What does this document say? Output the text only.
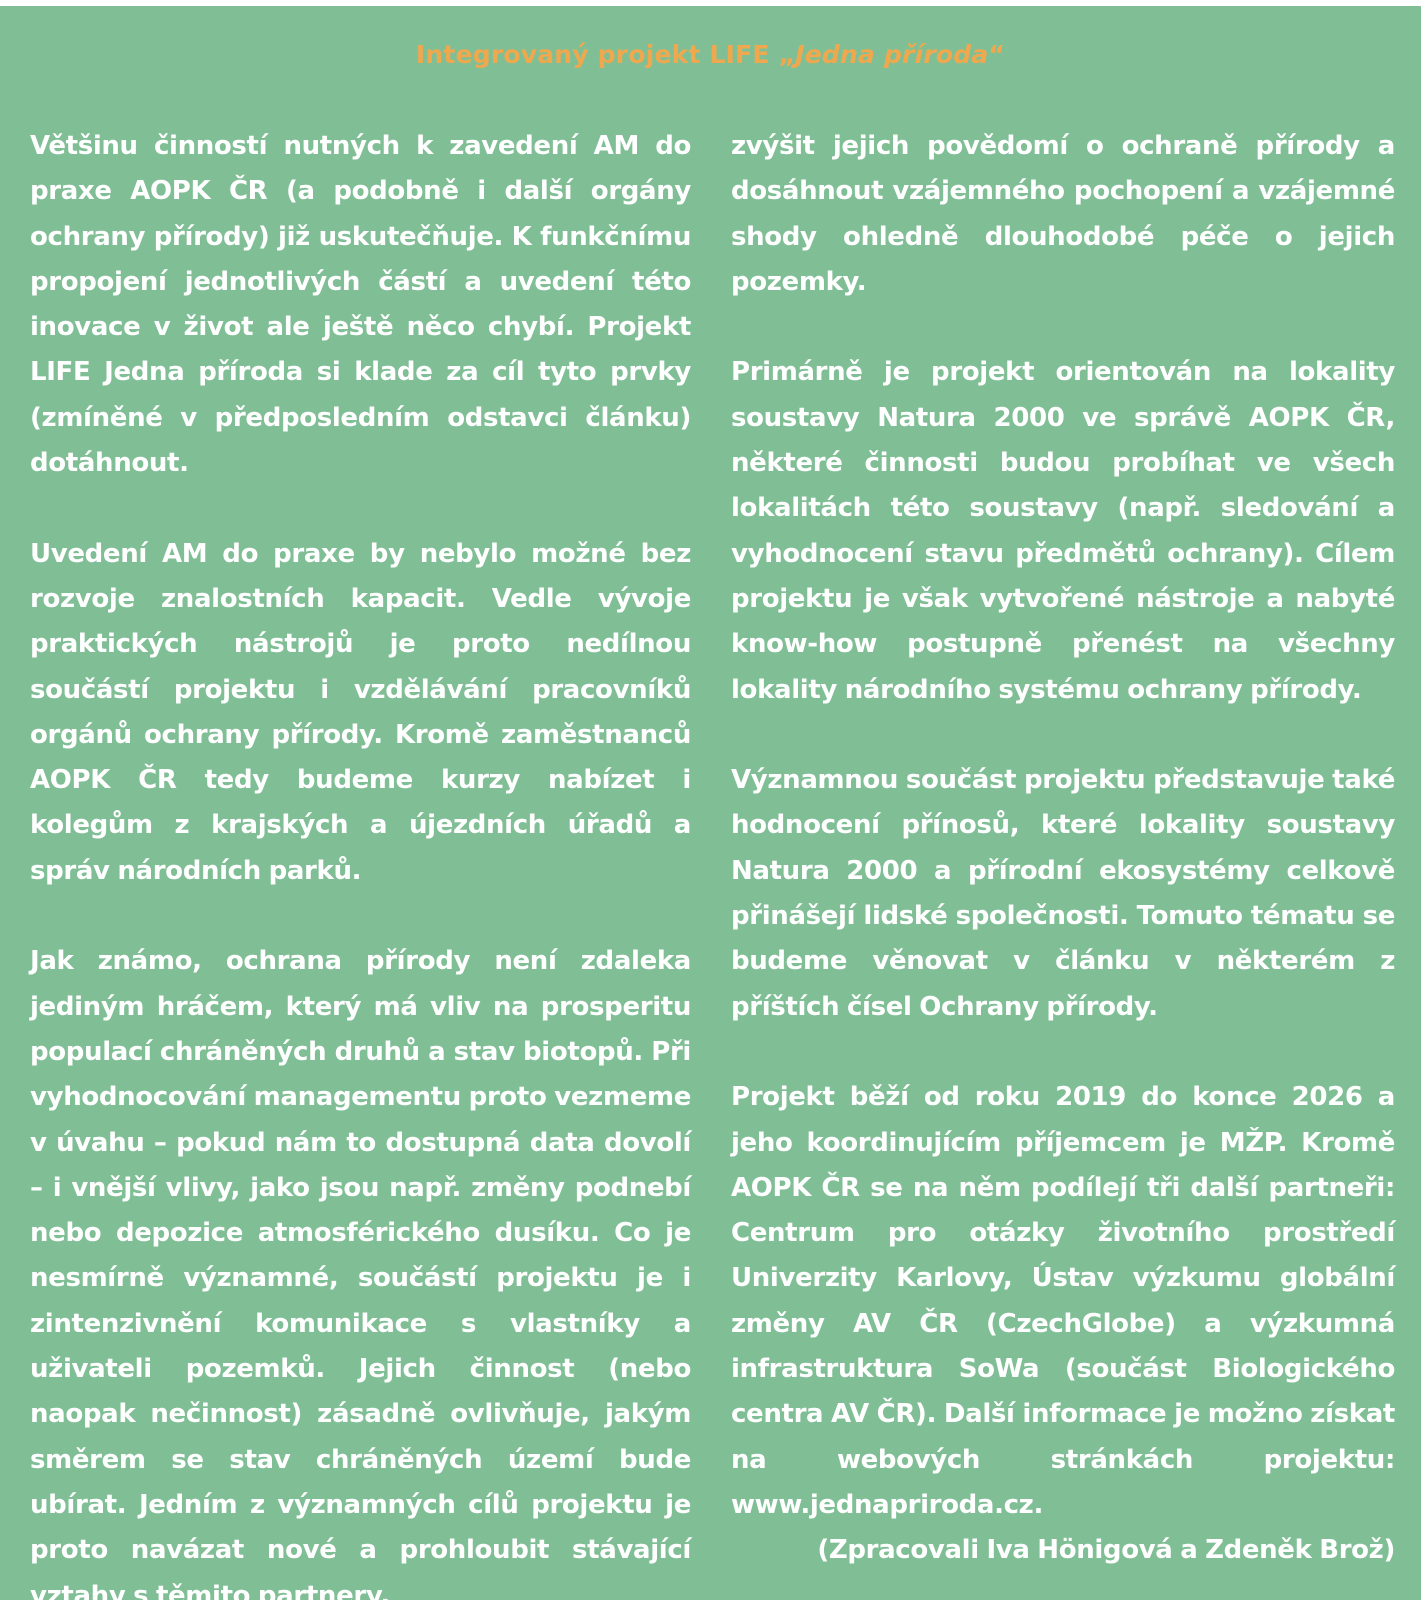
Integrovaný projekt LIFE „Jedna příroda“

Většinu činností nutných k zavedení AM do praxe AOPK ČR (a podobně i další orgány ochrany přírody) již uskutečňuje. K funkčnímu propojení jednotlivých částí a uvedení této inovace v život ale ještě něco chybí. Projekt LIFE Jedna příroda si klade za cíl tyto prvky (zmíněné v předposledním odstavci článku) dotáhnout.

Uvedení AM do praxe by nebylo možné bez rozvoje znalostních kapacit. Vedle vývoje praktických nástrojů je proto nedílnou součástí projektu i vzdělávání pracovníků orgánů ochrany přírody. Kromě zaměstnanců AOPK ČR tedy budeme kurzy nabízet i kolegům z krajských a újezdních úřadů a správ národních parků.

Jak známo, ochrana přírody není zdaleka jediným hráčem, který má vliv na prosperitu populací chráněných druhů a stav biotopů. Při vyhodnocování managementu proto vezmeme v úvahu – pokud nám to dostupná data dovolí – i vnější vlivy, jako jsou např. změny podnebí nebo depozice atmosférického dusíku. Co je nesmírně významné, součástí projektu je i zintenzivnění komunikace s vlastníky a uživateli pozemků. Jejich činnost (nebo naopak nečinnost) zásadně ovlivňuje, jakým směrem se stav chráněných území bude ubírat. Jedním z významných cílů projektu je proto navázat nové a prohloubit stávající vztahy s těmito partnery,

zvýšit jejich povědomí o ochraně přírody a dosáhnout vzájemného pochopení a vzájemné shody ohledně dlouhodobé péče o jejich pozemky.

Primárně je projekt orientován na lokality soustavy Natura 2000 ve správě AOPK ČR, některé činnosti budou probíhat ve všech lokalitách této soustavy (např. sledování a vyhodnocení stavu předmětů ochrany). Cílem projektu je však vytvořené nástroje a nabyté know-how postupně přenést na všechny lokality národního systému ochrany přírody.

Významnou součást projektu představuje také hodnocení přínosů, které lokality soustavy Natura 2000 a přírodní ekosystémy celkově přinášejí lidské společnosti. Tomuto tématu se budeme věnovat v článku v některém z příštích čísel Ochrany přírody.

Projekt běží od roku 2019 do konce 2026 a jeho koordinujícím příjemcem je MŽP. Kromě AOPK ČR se na něm podílejí tři další partneři: Centrum pro otázky životního prostředí Univerzity Karlovy, Ústav výzkumu globální změny AV ČR (CzechGlobe) a výzkumná infrastruktura SoWa (součást Biologického centra AV ČR). Další informace je možno získat na webových stránkách projektu: www.jednapriroda.cz.

(Zpracovali Iva Hönigová a Zdeněk Brož)
